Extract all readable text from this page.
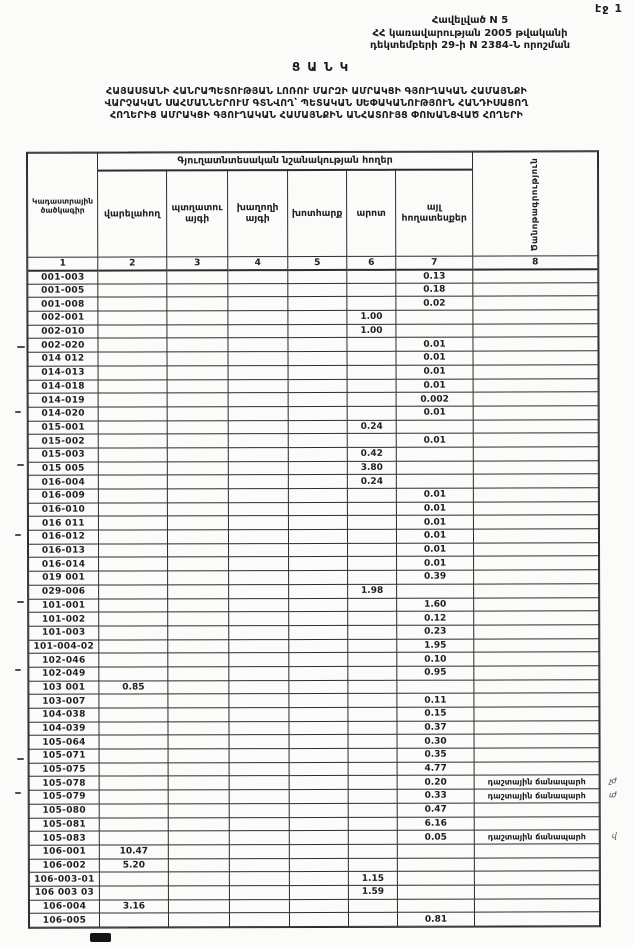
էջ 1
Հավելված N 5
ՀՀ կառավարության 2005 թվականի
դեկտեմբերի 29-ի N 2384-Ն որոշման
ՑԱՆԿ
ՀԱՅԱՍՏԱՆԻ ՀԱՆՐԱՊԵՏՈՒԹՅԱՆ ԼՈՌՈՒ ՄԱՐԶԻ ԱՄՐԱԿՑԻ ԳՅՈՒՂԱԿԱՆ ՀԱՄԱՅՆՔԻ
ՎԱՐՉԱԿԱՆ ՍԱՀՄԱՆՆԵՐՈՒՄ ԳՏՆՎՈՂ՝ ՊԵՏԱԿԱՆ ՍԵՓԱԿԱՆՈՒԹՅՈՒՆ ՀԱՆԴԻՍԱՑՈՂ
ՀՈՂԵՐԻՑ ԱՄՐԱԿՑԻ ԳՅՈՒՂԱԿԱՆ ՀԱՄԱՅՆՔԻՆ ԱՆՀԱՏՈՒՅՑ ՓՈԽԱՆՑՎԱԾ ՀՈՂԵՐԻ
Կադաստրային ծածկագիր	Գյուղատնտեսական նշանակության հողեր						Ծանոթագրություն

	վարելահող	պտղատու այգի	խաղողի այգի	խոտհարք	արոտ	այլ հողատեսքեր	
1	2	3	4	5	6	7	8
001-003						0.13	
001-005						0.18	
001-008						0.02	
002-001					1.00		
002-010					1.00		
002-020						0.01	
014 012						0.01	
014-013						0.01	
014-018						0.01	
014-019						0.002	
014-020						0.01	
015-001					0.24		
015-002						0.01	
015-003					0.42		
015 005					3.80		
016-004					0.24		
016-009						0.01	
016-010						0.01	
016 011						0.01	
016-012						0.01	
016-013						0.01	
016-014						0.01	
019 001						0.39	
029-006					1.98		
101-001						1.60	
101-002						0.12	
101-003						0.23	
101-004-02						1.95	
102-046						0.10	
102-049						0.95	
103 001	0.85						
103-007						0.11	
104-038						0.15	
104-039						0.37	
105-064						0.30	
105-071						0.35	
105-075						4.77	
105-078						0.20	դաշտային ճանապարհ չժ

105-079						0.33	դաշտային ճանապարհ ւժ

105-080						0.47	
105-081						6.16	
105-083						0.05	դաշտային ճանապարհ վ

106-001	10.47						
106-002	5.20						
106-003-01					1.15		
106 003 03					1.59		
106-004	3.16						
106-005						0.81	
